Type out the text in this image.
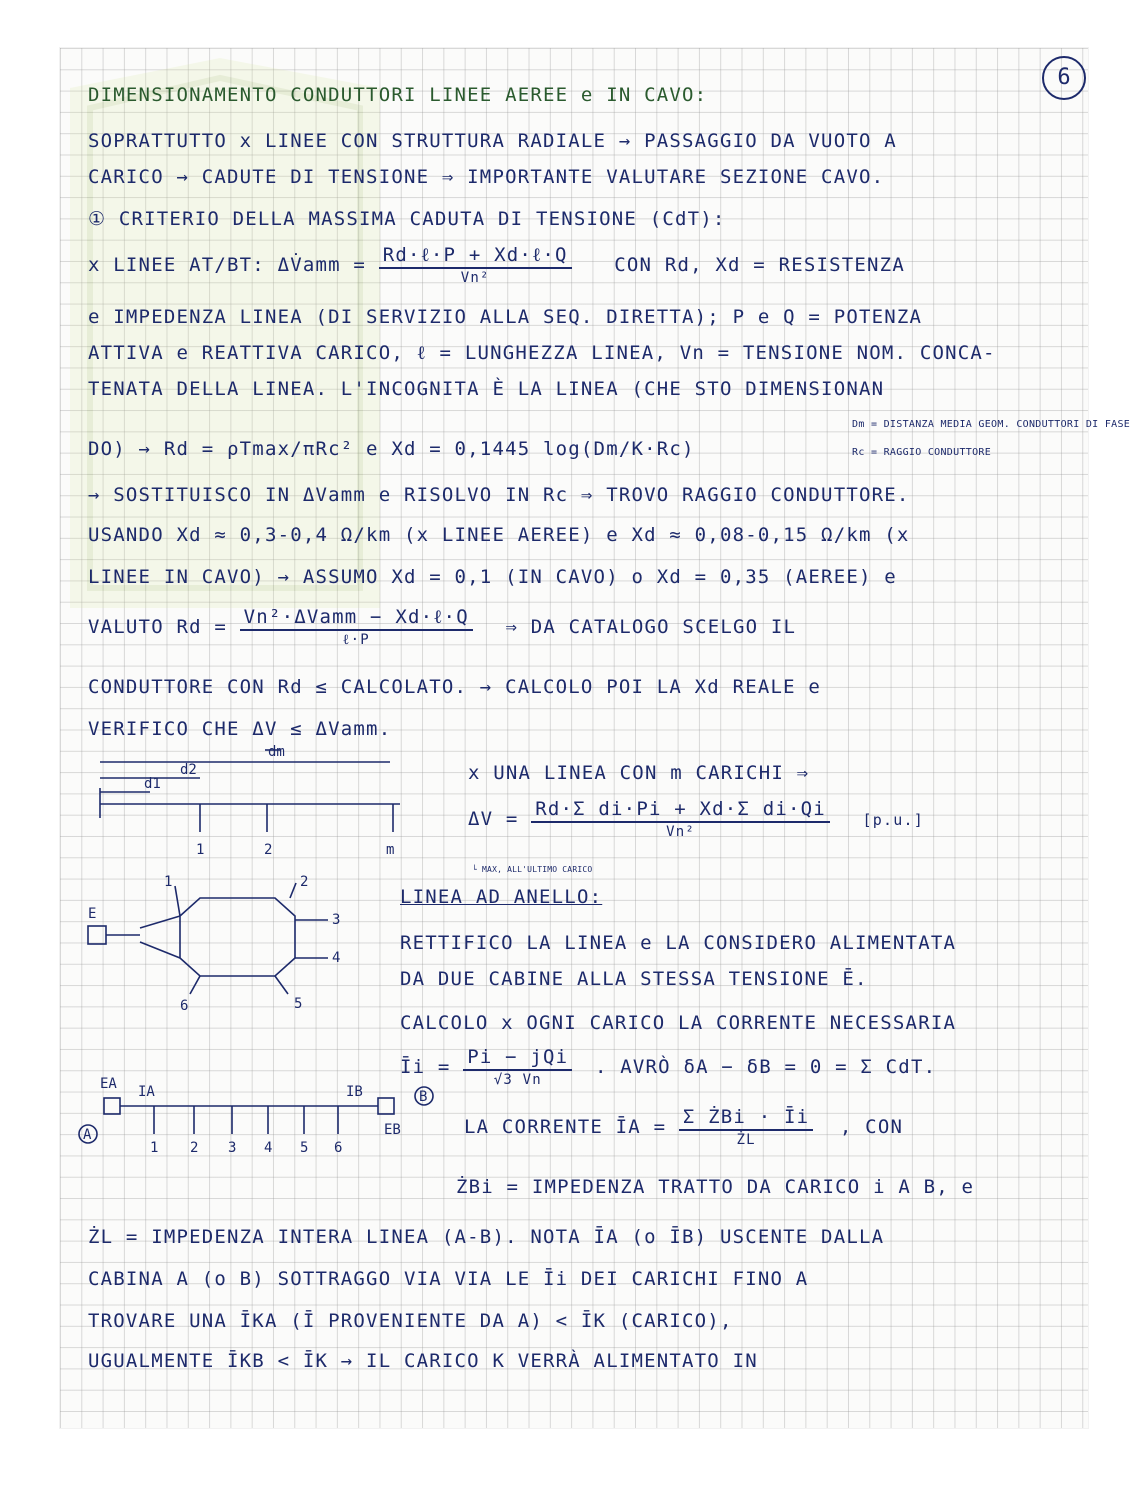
6
DIMENSIONAMENTO CONDUTTORI LINEE AEREE e IN CAVO:
SOPRATTUTTO x LINEE CON STRUTTURA RADIALE → PASSAGGIO DA VUOTO A
CARICO → CADUTE DI TENSIONE ⇒ IMPORTANTE VALUTARE SEZIONE CAVO.
① CRITERIO DELLA MASSIMA CADUTA DI TENSIONE (CdT):
x LINEE AT/BT: ΔV̇amm = $\frac{\text{Rd·ℓ·P + Xd·ℓ·Q}}{\text{Vn²}}$ CON Rd, Xd = RESISTENZA
e IMPEDENZA LINEA (DI SERVIZIO ALLA SEQ. DIRETTA); P e Q = POTENZA
ATTIVA e REATTIVA CARICO, ℓ = LUNGHEZZA LINEA, Vn = TENSIONE NOM. CONCA-
TENATA DELLA LINEA. L'INCOGNITA È LA LINEA (CHE STO DIMENSIONAN
DO) → Rd = ρTmax/πRc² e Xd = 0,1445 log(Dm/K·Rc)
Dm = DISTANZA MEDIA GEOM. CONDUTTORI DI FASE
Rc = RAGGIO CONDUTTORE
→ SOSTITUISCO IN ΔVamm e RISOLVO IN Rc ⇒ TROVO RAGGIO CONDUTTORE.
USANDO Xd ≈ 0,3-0,4 Ω/km (x LINEE AEREE) e Xd ≈ 0,08-0,15 Ω/km (x
LINEE IN CAVO) → ASSUMO Xd = 0,1 (IN CAVO) o Xd = 0,35 (AEREE) e
VALUTO $Rd = \frac{\text{Vn²·ΔVamm − Xd·ℓ·Q}}{\text{ℓ·P}}$ ⇒ DA CATALOGO SCELGO IL
CONDUTTORE CON Rd ≤ CALCOLATO. → CALCOLO POI LA Xd REALE e
VERIFICO CHE ΔV ≤ ΔVamm.
x UNA LINEA CON m CARICHI ⇒
$\Delta V = \frac{\text{Rd·Σ di·Pi + Xd·Σ di·Qi}}{\text{Vn²}} [p.u.]$
└ MAX, ALL'ULTIMO CARICO
LINEA AD ANELLO:
RETTIFICO LA LINEA e LA CONSIDERO ALIMENTATA
DA DUE CABINE ALLA STESSA TENSIONE Ē.
CALCOLO x OGNI CARICO LA CORRENTE NECESSARIA
Īi = $\frac{\text{Pi − jQi}}{√3 Vn}$ . AVRÒ δA − δB = 0 = Σ CdT.
LA CORRENTE ĪA = $\frac{\text{Σ ŻBi · Īi}}{ŻL}$ , CON
ŻBi = IMPEDENZA TRATTO DA CARICO i A B, e
ŻL = IMPEDENZA INTERA LINEA (A-B). NOTA ĪA (o ĪB) USCENTE DALLA
CABINA A (o B) SOTTRAGGO VIA VIA LE Īi DEI CARICHI FINO A
TROVARE UNA ĪKA (Ī PROVENIENTE DA A) < ĪK (CARICO),
UGUALMENTE ĪKB < ĪK → IL CARICO K VERRÀ ALIMENTATO IN
dm
d2
d1
1	2	m
E
1	2
3
4
5
6
EA IA	IB
EB
A
B
1 2 3 4 5 6
